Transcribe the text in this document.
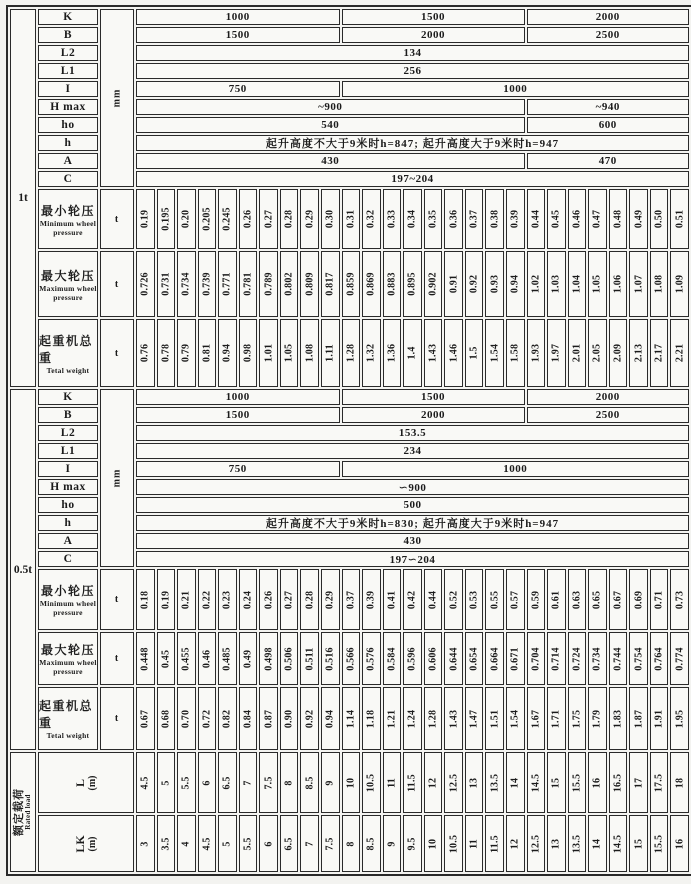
1t
mm
K	1000	1500	2000
B	1500	2000	2500
L2	134
L1	256
I	750	1000
H max	~900	~940
ho	540	600
h	起升高度不大于9米时h=847; 起升高度大于9米时h=947
A	430	470
C	197~204
最小轮压
Minimum wheel pressure
t 0.19 0.195 0.20 0.205 0.245 0.26 0.27 0.28 0.29 0.30 0.31 0.32 0.33 0.34 0.35 0.36 0.37 0.38 0.39 0.44 0.45 0.46 0.47 0.48 0.49 0.50 0.51
最大轮压
Maximum wheel pressure
t 0.726 0.731 0.734 0.739 0.771 0.781 0.789 0.802 0.809 0.817 0.859 0.869 0.883 0.895 0.902 0.91 0.92 0.93 0.94 1.02 1.03 1.04 1.05 1.06 1.07 1.08 1.09
起重机总重
Tetal weight
t 0.76 0.78 0.79 0.81 0.94 0.98 1.01 1.05 1.08 1.11 1.28 1.32 1.36 1.4 1.43 1.46 1.5 1.54 1.58 1.93 1.97 2.01 2.05 2.09 2.13 2.17 2.21
0.5t
mm
K	1000	1500	2000
B	1500	2000	2500
L2	153.5
L1	234
I	750	1000
H max	∽900
ho	500
h	起升高度不大于9米时h=830; 起升高度大于9米时h=947
A	430
C	197∽204
最小轮压
Minimum wheel pressure
t 0.18 0.19 0.21 0.22 0.23 0.24 0.26 0.27 0.28 0.29 0.37 0.39 0.41 0.42 0.44 0.52 0.53 0.55 0.57 0.59 0.61 0.63 0.65 0.67 0.69 0.71 0.73
最大轮压
Maximum wheel pressure
t 0.448 0.45 0.455 0.46 0.485 0.49 0.498 0.506 0.511 0.516 0.566 0.576 0.584 0.596 0.606 0.644 0.654 0.664 0.671 0.704 0.714 0.724 0.734 0.744 0.754 0.764 0.774
起重机总重
Tetal weight
t 0.67 0.68 0.70 0.72 0.82 0.84 0.87 0.90 0.92 0.94 1.14 1.18 1.21 1.24 1.28 1.43 1.47 1.51 1.54 1.67 1.71 1.75 1.79 1.83 1.87 1.91 1.95
额定载荷 Rated load
L (m)	4.5 5 5.5 6 6.5 7 7.5 8 8.5 9 10 10.5 11 11.5 12 12.5 13 13.5 14 14.5 15 15.5 16 16.5 17 17.5 18
LK (m)	3 3.5 4 4.5 5 5.5 6 6.5 7 7.5 8 8.5 9 9.5 10 10.5 11 11.5 12 12.5 13 13.5 14 14.5 15 15.5 16
